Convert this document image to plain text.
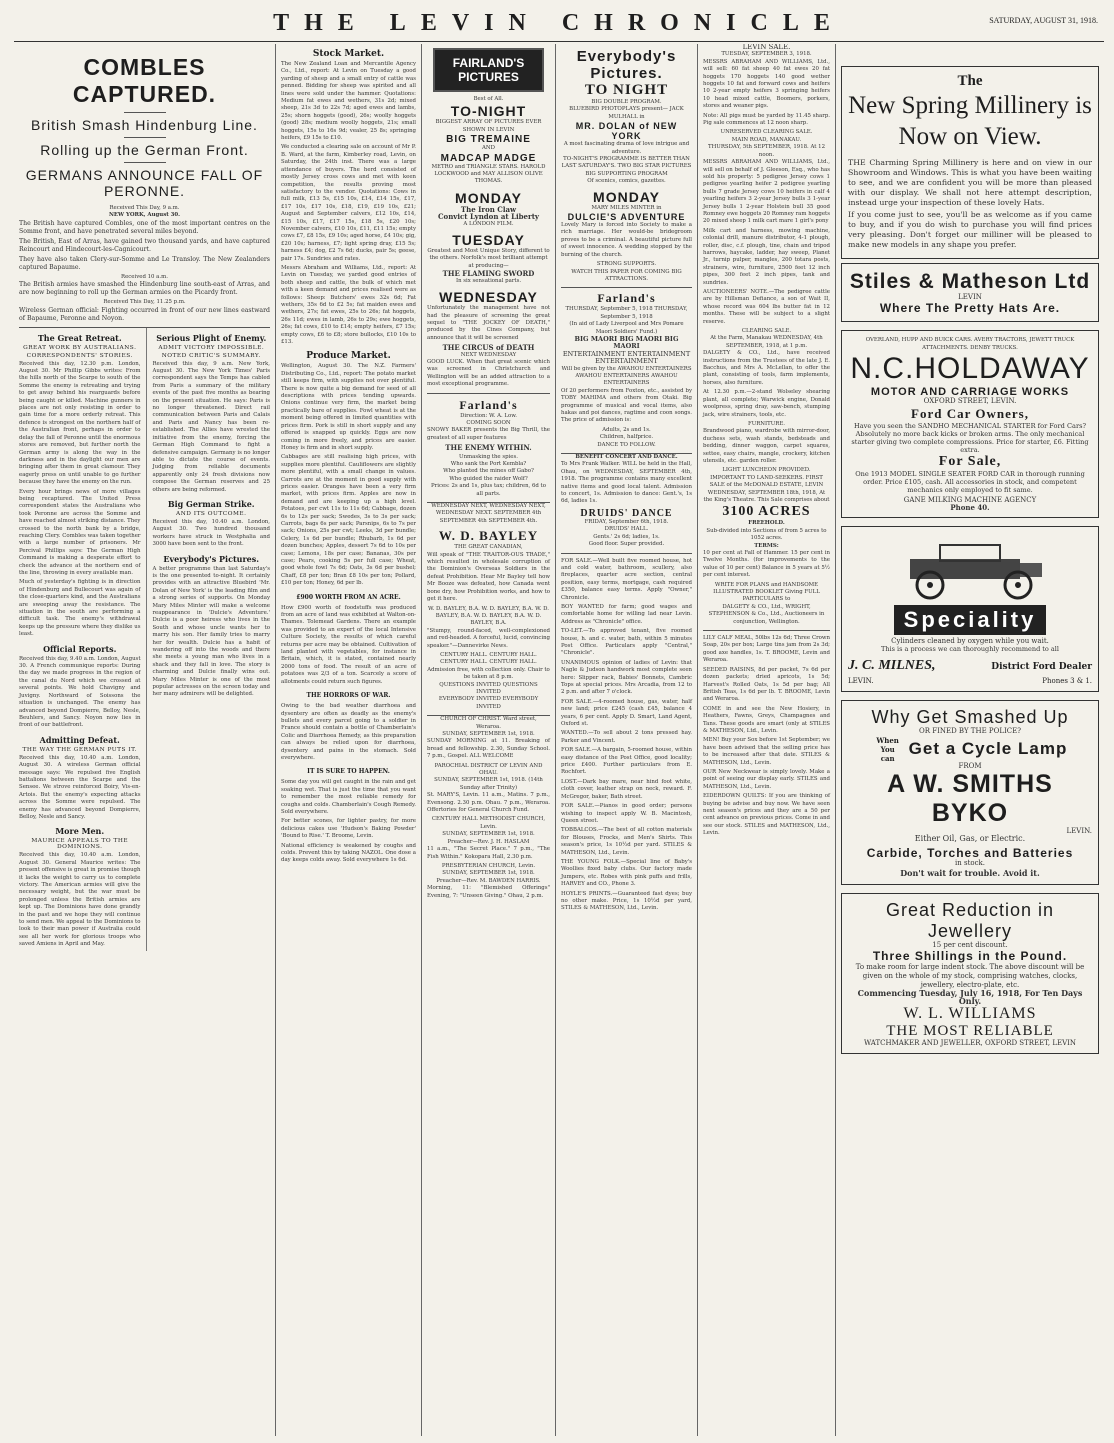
THE LEVIN CHRONICLE	SATURDAY, AUGUST 31, 1918.
COMBLES CAPTURED.
British Smash Hindenburg Line.
Rolling up the German Front.
GERMANS ANNOUNCE FALL OF PERONNE.
Received This Day, 9 a.m.
NEW YORK, August 30.
The British have captured Combles, one of the most important centres on the Somme front, and have penetrated several miles beyond.
The British, East of Arras, have gained two thousand yards, and have captured Reincourt and Hindecourt-les-Cagnicourt.
They have also taken Clery-sur-Somme and Le Transloy. The New Zealanders captured Bapaume.
Received 10 a.m.
The British armies have smashed the Hindenburg line south-east of Arras, and are now beginning to roll up the German armies on the Picardy front.
Received This Day, 11.25 p.m.
Wireless German official: Fighting occurred in front of our new lines eastward of Bapaume, Peronne and Noyon.
The Great Retreat.
GREAT WORK BY AUSTRALIANS.
CORRESPONDENTS' STORIES.
Received this day, 12.30 p.m. London, August 30. Mr Phillip Gibbs writes: From the hills north of the Scarpe to south of the Somme the enemy is retreating and trying to get away behind his rearguards before being caught or killed. Machine gunners in places are not only resisting in order to gain time for a more orderly retreat. This defence is strongest on the northern half of the Australian front, perhaps in order to delay the fall of Peronne until the enormous stores are removed, but further north the German army is along the way in the darkness and in the daylight our men are bringing after them in great clamour. They eagerly press on until unable to go further because they have the enemy on the run.
Every hour brings news of more villages being recaptured. The United Press correspondent states the Australians who took Peronne are across the Somme and have reached almost striking distance. They crossed to the north bank by a bridge, reaching Clery. Combles was taken together with a large number of prisoners. Mr Percival Phillips says: The German High Command is making a desperate effort to check the advance at the northern end of the line, throwing in every available man.
Much of yesterday's fighting is in direction of Hindenburg and Bullecourt was again of the close-quarters kind, and the Australians are sweeping away the resistance. The situation in the south are performing a difficult task. The enemy's withdrawal keeps up the pressure where they dislike us least.
Official Reports.
Received this day, 9.40 a.m. London, August 30. A French communique reports: During the day we made progress in the region of the canal du Nord which we crossed at several points. We hold Chavigny and Juvigny. Northward of Soissons the situation is unchanged. The enemy has advanced beyond Dompierre, Belloy, Nesle, Beuhlers, and Sancy. Noyon now lies in front of our battlefront.
Admitting Defeat.
THE WAY THE GERMAN PUTS IT.
Received this day, 10.40 a.m. London, August 30. A wireless German official message says: We repulsed five English battalions between the Scarpe and the Sensee. We strove reinforced Boiry, Vis-en-Artois. But the enemy's expecting attacks across the Somme were repulsed. The enemy has advanced beyond Dompierre, Belloy, Nesle and Sancy.
More Men.
MAURICE APPEALS TO THE DOMINIONS.
Received this day, 10.40 a.m. London, August 30. General Maurice writes: The present offensive is great in promise though it lacks the weight to carry us to complete victory. The American armies will give the necessary weight, but the war must be prolonged unless the British armies are kept up. The Dominions have done grandly in the past and we hope they will continue to send men. We appeal to the Dominions to look to their man power if Australia could see all her work for glorious troops who saved Amiens in April and May.
Serious Plight of Enemy.
ADMIT VICTORY IMPOSSIBLE.
NOTED CRITIC'S SUMMARY.
Received this day, 9 a.m. New York, August 30. The New York Times' Paris correspondent says the Temps has cabled from Paris a summary of the military events of the past five months as bearing on the present situation. He says: Paris is no longer threatened. Direct rail communication between Paris and Calais and Paris and Nancy has been re-established. The Allies have wrested the initiative from the enemy, forcing the German High Command to fight a defensive campaign. Germany is no longer able to dictate the course of events. Judging from reliable documents apparently only 24 fresh divisions now compose the German reserves and 25 others are being reformed.
Big German Strike.
AND ITS OUTCOME.
Received this day, 10.40 a.m. London, August 30. Two hundred thousand workers have struck in Westphalia and 3000 have been sent to the front.
Everybody's Pictures.
A better programme than last Saturday's is the one presented to-night. It certainly provides with an attractive Bluebird 'Mr. Dolan of New York' is the leading film and a strong series of supports. On Monday Mary Miles Minter will make a welcome reappearance in 'Dulcie's Adventure.' Dulcie is a poor heiress who lives in the South and whose uncle wants her to marry his son. Her family tries to marry her for wealth. Dulcie has a habit of wandering off into the woods and there she meets a young man who lives in a shack and they fall in love. The story is charming and Dulcie finally wins out. Mary Miles Minter is one of the most popular actresses on the screen today and her many admirers will be delighted.
Stock Market.
The New Zealand Loan and Mercantile Agency Co., Ltd., report: At Levin on Tuesday a good yarding of sheep and a small entry of cattle was penned. Bidding for sheep was spirited and all lines were sold under the hammer. Quotations: Medium fat ewes and wethers, 31s 2d; mixed sheep, 21s 3d to 22s 7d; aged ewes and lambs, 25s; shorn hoggets (good), 26s; woolly hoggets (good) 28s; medium woolly hoggets, 21s; small hoggets, 15s to 16s 9d; vealer, 25 8s; springing heifers, £9 15s to £10.
We conducted a clearing sale on account of Mr P. B. Ward, at the farm, Kimberley road, Levin, on Saturday, the 24th inst. There was a large attendance of buyers. The herd consisted of mostly Jersey cross cows and met with keen competition, the results proving most satisfactory to the vendor. Quotations: Cows in full milk, £13 5s, £15 10s, £14, £14 15s, £17, £17 10s, £17 10s, £18, £19, £19 10s, £21; August and September calvers, £12 10s, £14, £15 10s, £17, £17 15s, £18 5s, £20 10s; November calvers, £10 10s, £11, £11 15s; empty cows £7, £8 15s, £9 10s; aged horse, £4 10s; gig, £20 10s; harness, £7; light spring dray, £15 5s; harness £4; dog, £2 7s 6d; ducks, pair 5s; geese, pair 17s. Sundries and rates.
Messrs Abraham and Williams, Ltd., report: At Levin on Tuesday, we yarded good entries of both sheep and cattle, the bulk of which met with a keen demand and prices realised were as follows: Sheep: Butchers' ewes 32s 6d; Fat wethers, 35s 6d to £2 5s; fat maiden ewes and wethers, 27s; fat ewes, 25s to 26s; fat hoggets, 26s 11d; ewes in lamb, 26s to 29s; ewe hoggets, 26s; fat cows, £10 to £14; empty heifers, £7 15s; empty cows, £6 to £8; store bullocks, £10 10s to £13.
Produce Market.
Wellington, August 30. The N.Z. Farmers' Distributing Co., Ltd., report: The potato market still keeps firm, with supplies not over plentiful. There is now quite a big demand for seed of all descriptions with prices tending upwards. Onions continue very firm, the market being practically bare of supplies. Fowl wheat is at the moment being offered in limited quantities with prices firm. Pork is still in short supply and any offered is snapped up quickly. Eggs are now coming in more freely, and prices are easier. Honey is firm and in short supply.
Cabbages are still realising high prices, with supplies more plentiful. Cauliflowers are slightly more plentiful, with a small change in values. Carrots are at the moment in good supply with prices easier. Oranges have been a very firm market, with prices firm. Apples are now in demand and are keeping up a high level. Potatoes, per cwt 11s to 11s 6d; Cabbage, dozen 6s to 12s per sack; Swedes, 3s to 3s per sack; Carrots, bags 6s per sack; Parsnips, 6s to 7s per sack; Onions, 25s per cwt; Leeks, 3d per bundle; Celery, 1s 6d per bundle; Rhubarb, 1s 6d per dozen bunches; Apples, dessert 7s 6d to 10s per case; Lemons, 18s per case; Bananas, 30s per case; Pears, cooking 5s per full case; Wheat, good whole fowl 7s 6d; Oats, 3s 6d per bushel; Chaff, £8 per ton; Bran £8 10s per ton; Pollard, £10 per ton; Honey, 6d per lb.
£900 WORTH FROM AN ACRE.
How £900 worth of foodstuffs was produced from an acre of land was exhibited at Walton-on-Thames. Tolemead Gardens. There an example was provided to an expert of the local Intensive Culture Society, the results of which careful returns per acre may be obtained. Cultivation of land planted with vegetables, for instance in Britain, which, it is stated, contained nearly 2000 tons of food. The result of an acre of potatoes was 2/3 of a ton. Scarcely a score of allotments could return such figures.
THE HORRORS OF WAR.
Owing to the bad weather diarrhoea and dysentery are often as deadly as the enemy's bullets and every parcel going to a soldier in France should contain a bottle of Chamberlain's Colic and Diarrhoea Remedy, as this preparation can always be relied upon for diarrhoea, dysentery and pains in the stomach. Sold everywhere.
IT IS SURE TO HAPPEN.
Some day you will get caught in the rain and get soaking wet. That is just the time that you want to remember the most reliable remedy for coughs and colds. Chamberlain's Cough Remedy. Sold everywhere.
For better scones, for lighter pastry, for more delicious cakes use 'Hudson's Baking Powder' 'Bound to Rise.' T. Broome, Levin.
National efficiency is weakened by coughs and colds. Prevent this by taking NAZOL. One dose a day keeps colds away. Sold everywhere 1s 6d.
FAIRLAND'S PICTURES
Best of All.
TO-NIGHT
BIGGEST ARRAY OF PICTURES EVER SHOWN IN LEVIN
BIG TREMAINE
AND
MADCAP MADGE
METRO and TRIANGLE STARS. HAROLD LOCKWOOD and MAY ALLISON OLIVE THOMAS.
MONDAY
The Iron Claw
Convict Lyndon at Liberty
A LONDON FILM.
TUESDAY
Greatest and Most Unique Story, different to the others. Norfolk's most brilliant attempt at producing—
THE FLAMING SWORD
In six sensational parts.
WEDNESDAY
Unfortunately the management have not had the pleasure of screening the great sequel to "THE JOCKEY OF DEATH," produced by the Cines Company, but announce that it will be screened
THE CIRCUS of DEATH
NEXT WEDNESDAY
GOOD LUCK. When that great scenic which was screened in Christchurch and Wellington will be an added attraction to a most exceptional programme.
Farland's
Direction: W. A. Low.
COMING SOON
SNOWY BAKER presents the Big Thrill, the greatest of all super features
THE ENEMY WITHIN.
Unmasking the spies.
Who sank the Port Kembla?
Who planted the mines off Gabo?
Who guided the raider Wolf?
Prices: 2s and 1s, plus tax; children, 6d to all parts.
WEDNESDAY NEXT, WEDNESDAY NEXT, WEDNESDAY NEXT. SEPTEMBER 4th SEPTEMBER 4th SEPTEMBER 4th.
W. D. BAYLEY
THE GREAT CANADIAN,
Will speak of "THE TRAITOR-OUS TRADE," which resulted in wholesale corruption of the Dominion's Overseas Soldiers in the defeat Prohibition. Hear Mr Bayley tell how Mr Booze was defeated, how Canada went bone dry, how Prohibition works, and how to get it here.
W. D. BAYLEY, B.A. W. D. BAYLEY, B.A. W. D. BAYLEY, B.A. W. D. BAYLEY, B.A. W. D. BAYLEY, B.A.
"Stumpy, round-faced, well-complexioned and red-headed. A forceful, lucid, convincing speaker."—Dannevirke News.
CENTURY HALL. CENTURY HALL. CENTURY HALL. CENTURY HALL.
Admission free, with collection only. Chair to be taken at 8 p.m.
QUESTIONS INVITED QUESTIONS INVITED
EVERYBODY INVITED EVERYBODY INVITED
CHURCH OF CHRIST. Ward street, Weraroa.
SUNDAY, SEPTEMBER 1st, 1918.
SUNDAY MORNING at 11. Breaking of bread and fellowship. 2.30, Sunday School. 7 p.m., Gospel. ALL WELCOME
PAROCHIAL DISTRICT OF LEVIN AND OHAU.
SUNDAY, SEPTEMBER 1st, 1918. (14th Sunday after Trinity)
St. MARY'S, Levin. 11 a.m., Matins. 7 p.m., Evensong. 2.30 p.m. Ohau. 7 p.m., Weraroa. Offertories for General Church Fund.
CENTURY HALL METHODIST CHURCH, Levin.
SUNDAY, SEPTEMBER 1st, 1918.
Preacher—Rev. J. H. HASLAM
11 a.m., "The Secret Place." 7 p.m., "The Fish Within." Kokopara Hall, 2.30 p.m.
PRESBYTERIAN CHURCH, Levin.
SUNDAY, SEPTEMBER 1st, 1918.
Preacher—Rev. M. BAWDEN HARRIS.
Morning, 11: "Blemished Offerings" Evening, 7: "Unseen Giving." Ohau, 2 p.m.
Everybody's Pictures.
TO NIGHT
BIG DOUBLE PROGRAM.
BLUEBIRD PHOTOPLAYS present— JACK MULHALL in
MR. DOLAN of NEW YORK
A most fascinating drama of love intrigue and adventure.
TO-NIGHT'S PROGRAMME IS BETTER THAN LAST SATURDAY'S. TWO BIG STAR PICTURES
BIG SUPPORTING PROGRAM
Of scenics, comics, gazettes.
MONDAY
MARY MILES MINTER in
DULCIE'S ADVENTURE
Lovely Mary is forced into Society to make a rich marriage. Her would-be bridegroom proves to be a criminal. A beautiful picture full of sweet innocence. A wedding stopped by the burning of the church.
STRONG SUPPORTS.
WATCH THIS PAPER FOR COMING BIG ATTRACTIONS.
Farland's
THURSDAY, September 5, 1918 THURSDAY, September 5, 1918
(In aid of Lady Liverpool and Mrs Pomare Maori Soldiers' Fund.)
BIG MAORI BIG MAORI BIG MAORI
ENTERTAINMENT ENTERTAINMENT ENTERTAINMENT
Will be given by the AWAHOU ENTERTAINERS AWAHOU ENTERTAINERS AWAHOU ENTERTAINERS
Of 20 performers from Foxton, etc., assisted by TOBY MAHIMA and others from Otaki. Big programme of musical and vocal items, also hakas and poi dances, ragtime and coon songs. The price of admission is:
Adults, 2s and 1s.
Children, halfprice.
DANCE TO FOLLOW.
BENEFIT CONCERT AND DANCE.
To Mrs Frank Walker. WILL be held in the Hall, Ohau, on WEDNESDAY, SEPTEMBER 4th, 1918. The programme contains many excellent native items and good local talent. Admission to concert, 1s. Admission to dance: Gent.'s, 1s 6d, ladies 1s.
DRUIDS' DANCE
FRIDAY, September 6th, 1918.
DRUIDS' HALL.
Gents.' 2s 6d; ladies, 1s.
Good floor. Super provided.
FOR SALE.—Well built five roomed house, hot and cold water, bathroom, scullery, also fireplaces, quarter acre section, central position, easy terms, mortgage, cash required £350, balance easy terms. Apply "Owner," Chronicle.
BOY WANTED for farm; good wages and comfortable home for willing lad near Levin. Address as "Chronicle" office.
TO-LET.—To approved tenant, five roomed house, h. and c. water, bath, within 5 minutes Post Office. Particulars apply "Central," "Chronicle".
UNANIMOUS opinion of ladies of Levin: that Nagle & Judson handwork most complete seen here: Slipper rack, Babies' Bonnets, Cambric Tops at special prices. Mrs Arcadia, from 12 to 2 p.m. and after 7 o'clock.
FOR SALE.—4-roomed house, gas, water, half new land; price £245 (cash £45, balance 4 years, 6 per cent. Apply D. Smart, Land Agent, Oxford st.
WANTED.—To sell about 2 tons pressed hay. Parker and Vincent.
FOR SALE.—A bargain, 5-roomed house, within easy distance of the Post Office, good locality; price £400. Further particulars from E. Rochfort.
LOST.—Dark bay mare, near hind foot white, cloth cover, leather strap on neck, reward. F. McGregor, baker, Bath street.
FOR SALE.—Pianos in good order; persons wishing to inspect apply W. B. Macintosh, Queen street.
TOBBALCOS.—The best of all cotton materials for Blouses, Frocks, and Men's Shirts. This season's price, 1s 10½d per yard. STILES & MATHESON, Ltd., Levin.
THE YOUNG FOLK.—Special line of Baby's Woollies fixed baby clubs. Our factory made Jumpers, etc. Robes with pink puffs and frills, HARVEY and CO., Phone 3.
HOYLE'S PRINTS.—Guaranteed fast dyes; buy no other make. Price, 1s 10½d per yard, STILES & MATHESON, Ltd., Levin.
LEVIN SALE.
TUESDAY, SEPTEMBER 3, 1918.
MESSRS ABRAHAM AND WILLIAMS, Ltd., will sell: 60 fat sheep 40 fat ewes 20 fat hoggets 170 hoggets 140 good wether hoggets 10 fat and forward cows and heifers 10 2-year empty heifers 3 springing heifers 10 head mixed cattle, Boomers, porkers, stores and weaner pigs.
Note: All pigs must be yarded by 11.45 sharp. Pig sale commences at 12 noon sharp.
UNRESERVED CLEARING SALE.
MAIN ROAD, MANAKAU.
THURSDAY, 5th SEPTEMBER, 1918. At 12 noon.
MESSRS ABRAHAM AND WILLIAMS, Ltd., will sell on behalf of J. Gleeson, Esq., who has sold his property: 5 pedigree Jersey cows 1 pedigree yearling heifer 2 pedigree yearling bulls 7 grade Jersey cows 10 heifers in calf 4 yearling heifers 3 2-year Jersey bulls 3 1-year Jersey bulls 1 2-year Holstein bull 35 good Romney ewe hoggets 20 Romney ram hoggets 20 mixed sheep 1 milk cart mare 1 girl's pony
Milk cart and harness, mowing machine, colonial drill, manure distributor, 4-1 plough, roller, disc, c.f. plough, tine, chain and tripod harrows, haycake, ladder, hay sweep, Planet Jr., turnip pulper, mangles, 200 totara posts, strainers, wire, furniture, 2500 feet 12 inch pipes, 300 feet 2 inch pipes, tank and sundries.
AUCTIONEERS' NOTE.—The pedigree cattle are by Hillsman Defiance, a son of Wait II, whose record was 604 lbs butter fat in 12 months. These will be subject to a slight reserve.
CLEARING SALE.
At the Farm, Manakau WEDNESDAY, 4th SEPTEMBER, 1918, at 1 p.m.
DALGETY & CO., Ltd., have received instructions from the Trustees of the late J. E. Bacchus, and Mrs A. McLellan, to offer the plant, consisting of tools, farm implements, horses, also furniture.
At 12.30 p.m.—2-stand Wolseley shearing plant, all complete; Warwick engine, Donald woolpress, spring dray, saw-bench, stumping jack, wire strainers, tools, etc.
FURNITURE.
Brandwood piano, wardrobe with mirror-door, duchess sets, wash stands, bedsteads and bedding, dinner waggon, carpet squares, settee, easy chairs, mangle, crockery, kitchen utensils, etc. garden roller.
LIGHT LUNCHEON PROVIDED.
IMPORTANT TO LAND-SEEKERS. FIRST SALE of the McDONALD ESTATE, LEVIN
WEDNESDAY, SEPTEMBER 18th, 1918, At the King's Theatre. This Sale comprises about
3100 ACRES
FREEHOLD.
Sub-divided into Sections of from 5 acres to 1052 acres.
TERMS:
10 per cent at Fall of Hammer. 15 per cent in Twelve Months. (for improvements to the value of 10 per cent) Balance in 5 years at 5½ per cent interest.
WRITE FOR PLANS and HANDSOME ILLUSTRATED BOOKLET Giving FULL PARTICULARS to
DALGETY & CO., Ltd., WRIGHT, STEPHENSON & Co., Ltd., Auctioneers in conjunction, Wellington.
LILY CALF MEAL, 50lbs 12s 6d; Three Crown Soap, 20s per box; Large tins jam from 2s 3d; good axe handles, 1s. T. BROOME, Levin and Weraroa.
SEEDED RAISINS, 8d per packet, 7s 6d per dozen packets; dried apricots, 1s 5d; Harvest's Rolled Oats, 1s 5d per bag; All British Teas, 1s 6d per lb. T. BROOME, Levin and Weraroa.
COME in and see the New Hosiery, in Heathers, Fawns, Greys, Champagnes and Tans. These goods are smart (only at STILES & MATHESON, Ltd., Levin.
MEN! Buy your Sox before 1st September; we have been advised that the selling price has to be increased after that date. STILES & MATHESON, Ltd., Levin.
OUR New Neckwear is simply lovely. Make a point of seeing our display early. STILES and MATHESON, Ltd., Levin.
EIDERDOWN QUILTS: If you are thinking of buying be advise and buy now. We have seen next season's prices and they are a 50 per cent advance on previous prices. Come in and see our stock. STILES and MATHESON, Ltd., Levin.
The
New Spring Millinery is Now on View.
THE Charming Spring Millinery is here and on view in our Showroom and Windows. This is what you have been waiting to see, and we are confident you will be more than pleased with our display. We shall not here attempt description, instead urge your inspection of these lovely Hats.
If you come just to see, you'll be as welcome as if you came to buy, and if you do wish to purchase you will find prices very pleasing. Don't forget our milliner will be pleased to make new models in any shape you prefer.
Stiles & Matheson Ltd
LEVIN
Where The Pretty Hats Are.
OVERLAND, HUPP AND BUICK CARS. AVERY TRACTORS, JEWETT TRUCK ATTACHMENTS. DENBY TRUCKS.
N.C.HOLDAWAY
MOTOR AND CARRIAGE WORKS
OXFORD STREET, LEVIN.
Ford Car Owners,
Have you seen the SANDHO MECHANICAL STARTER for Ford Cars? Absolutely no more back kicks or broken arms. The only mechanical starter giving two complete compressions. Price for starter, £6. Fitting extra.
For Sale,
One 1913 MODEL SINGLE SEATER FORD CAR in thorough running order. Price £105, cash. All accessories in stock, and competent mechanics only employed to fit same.
GANE MILKING MACHINE AGENCY
Phone 40.
Speciality
Cylinders cleaned by oxygen while you wait.
This is a process we can thoroughly recommend to all
J. C. MILNES,	District Ford Dealer
LEVIN.	Phones 3 & 1.
Why Get Smashed Up
OR FINED BY THE POLICE?
When You can Get a Cycle Lamp
FROM
A W. SMITHS BYKO
LEVIN.
Either Oil, Gas, or Electric.
Carbide, Torches and Batteries
in stock.
Don't wait for trouble. Avoid it.
Great Reduction in Jewellery
15 per cent discount.
Three Shillings in the Pound.
To make room for large indent stock. The above discount will be given on the whole of my stock, comprising watches, clocks, jewellery, electro-plate, etc.
Commencing Tuesday, July 16, 1918, For Ten Days Only.
W. L. WILLIAMS
THE MOST RELIABLE
WATCHMAKER AND JEWELLER, OXFORD STREET, LEVIN
